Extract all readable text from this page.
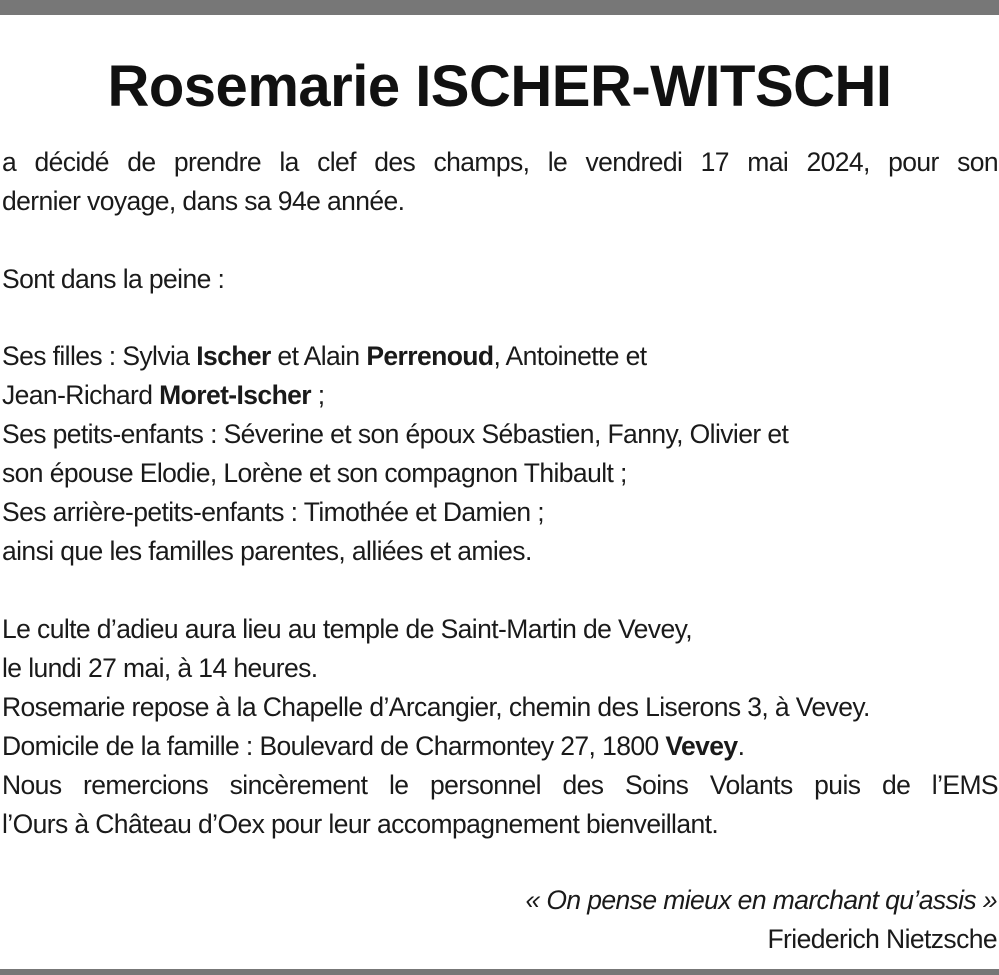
Rosemarie ISCHER-WITSCHI
a décidé de prendre la clef des champs, le vendredi 17 mai 2024, pour son
dernier voyage, dans sa 94e année.
Sont dans la peine :
Ses filles : Sylvia Ischer et Alain Perrenoud, Antoinette et
Jean-Richard Moret-Ischer ;
Ses petits-enfants : Séverine et son époux Sébastien, Fanny, Olivier et
son épouse Elodie, Lorène et son compagnon Thibault ;
Ses arrière-petits-enfants : Timothée et Damien ;
ainsi que les familles parentes, alliées et amies.
Le culte d’adieu aura lieu au temple de Saint-Martin de Vevey,
le lundi 27 mai, à 14 heures.
Rosemarie repose à la Chapelle d’Arcangier, chemin des Liserons 3, à Vevey.
Domicile de la famille : Boulevard de Charmontey 27, 1800 Vevey.
Nous remercions sincèrement le personnel des Soins Volants puis de l’EMS
l’Ours à Château d’Oex pour leur accompagnement bienveillant.
« On pense mieux en marchant qu’assis »
Friederich Nietzsche
